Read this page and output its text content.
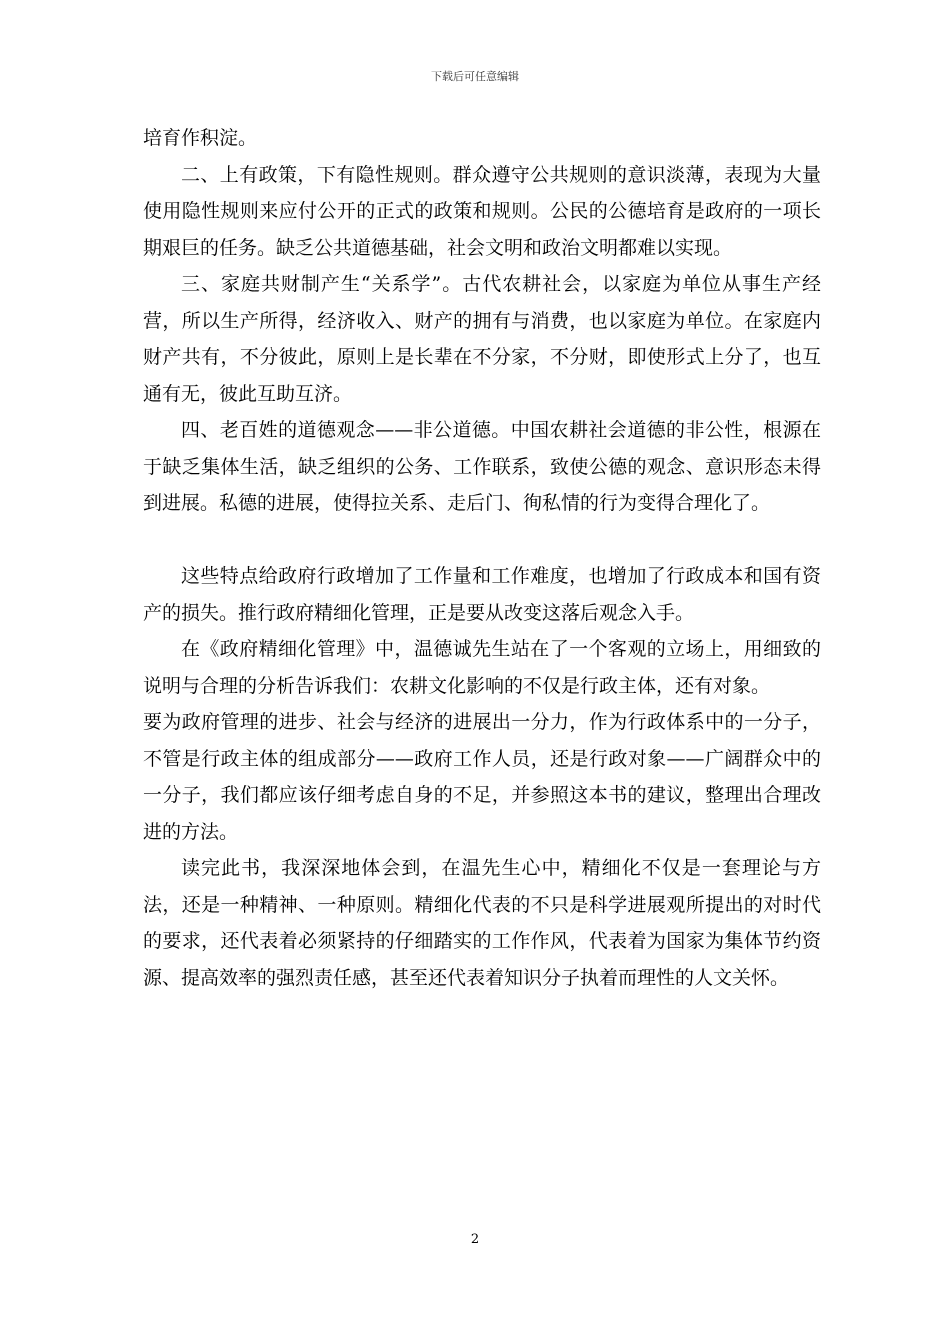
下载后可任意编辑

培育作积淀。

二、上有政策，下有隐性规则。群众遵守公共规则的意识淡薄，表现为大量使用隐性规则来应付公开的正式的政策和规则。公民的公德培育是政府的一项长期艰巨的任务。缺乏公共道德基础，社会文明和政治文明都难以实现。

三、家庭共财制产生“关系学”。古代农耕社会，以家庭为单位从事生产经营，所以生产所得，经济收入、财产的拥有与消费，也以家庭为单位。在家庭内财产共有，不分彼此，原则上是长辈在不分家，不分财，即使形式上分了，也互通有无，彼此互助互济。

四、老百姓的道德观念——非公道德。中国农耕社会道德的非公性，根源在于缺乏集体生活，缺乏组织的公务、工作联系，致使公德的观念、意识形态未得到进展。私德的进展，使得拉关系、走后门、徇私情的行为变得合理化了。

这些特点给政府行政增加了工作量和工作难度，也增加了行政成本和国有资产的损失。推行政府精细化管理，正是要从改变这落后观念入手。

在《政府精细化管理》中，温德诚先生站在了一个客观的立场上，用细致的说明与合理的分析告诉我们：农耕文化影响的不仅是行政主体，还有对象。

要为政府管理的进步、社会与经济的进展出一分力，作为行政体系中的一分子，不管是行政主体的组成部分——政府工作人员，还是行政对象——广阔群众中的一分子，我们都应该仔细考虑自身的不足，并参照这本书的建议，整理出合理改进的方法。

读完此书，我深深地体会到，在温先生心中，精细化不仅是一套理论与方法，还是一种精神、一种原则。精细化代表的不只是科学进展观所提出的对时代的要求，还代表着必须紧持的仔细踏实的工作作风，代表着为国家为集体节约资源、提高效率的强烈责任感，甚至还代表着知识分子执着而理性的人文关怀。

2
